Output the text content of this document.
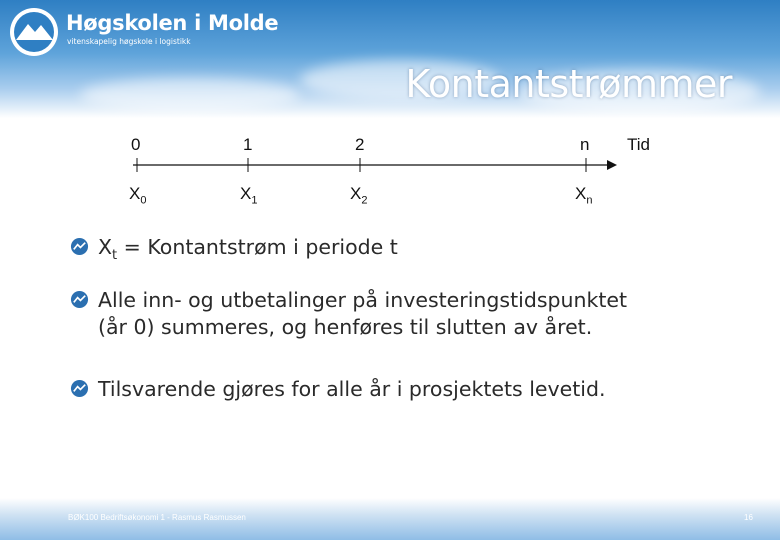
Høgskolen i Molde
vitenskapelig høgskole i logistikk
Kontantstrømmer
0	1	2	n Tid
$X_0$	$X_1$	$X_2$	$X_n$
$X_t$ = Kontantstrøm i periode t
Alle inn- og utbetalinger på investeringstidspunktet
(år 0) summeres, og henføres til slutten av året.
Tilsvarende gjøres for alle år i prosjektets levetid.
BØK100 Bedriftsøkonomi 1 - Rasmus Rasmussen	16
